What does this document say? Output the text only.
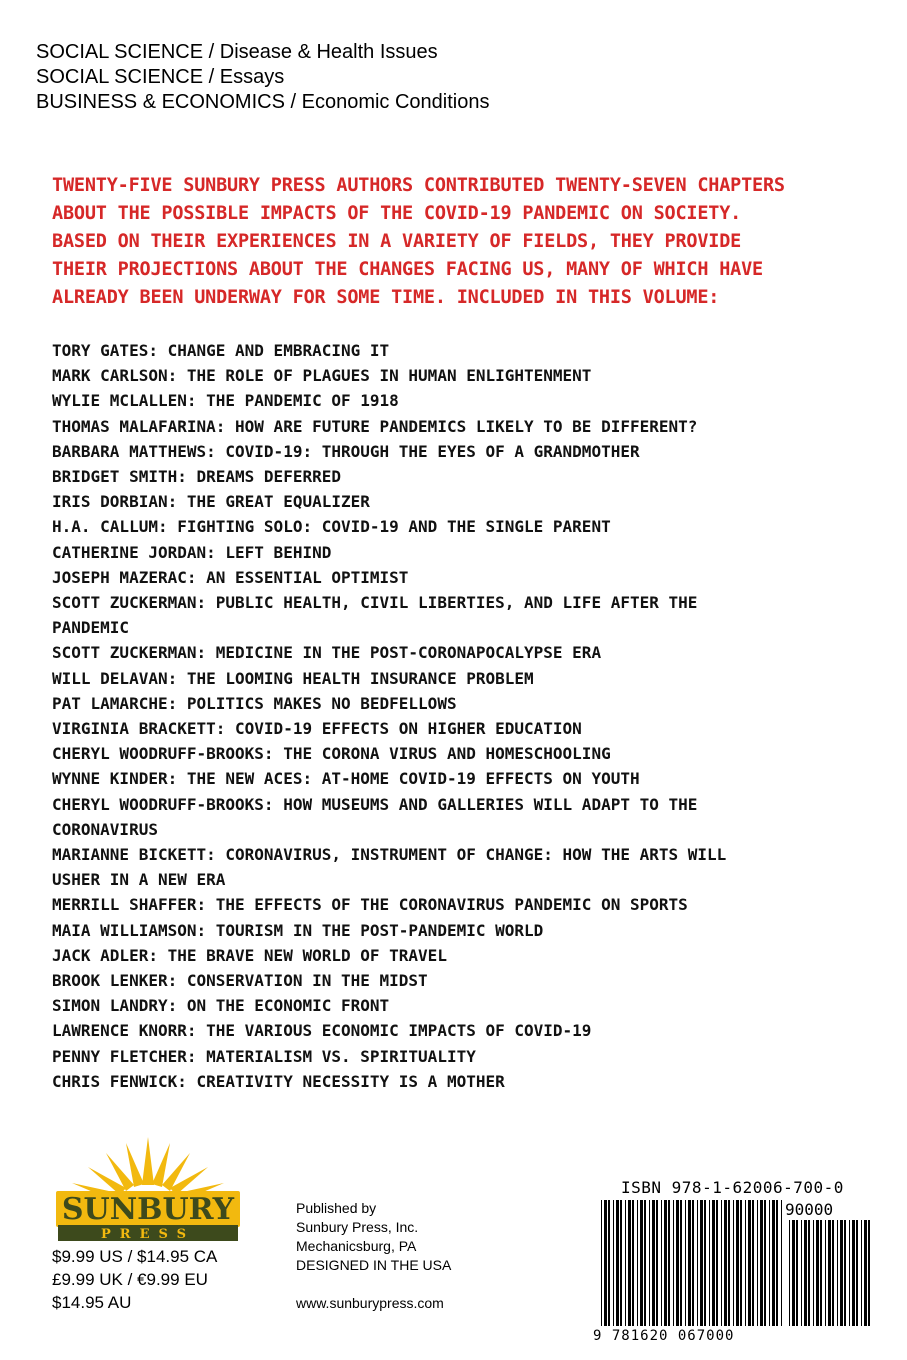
SOCIAL SCIENCE / Disease & Health Issues
SOCIAL SCIENCE / Essays
BUSINESS & ECONOMICS / Economic Conditions
TWENTY-FIVE SUNBURY PRESS AUTHORS CONTRIBUTED TWENTY-SEVEN CHAPTERS
ABOUT THE POSSIBLE IMPACTS OF THE COVID-19 PANDEMIC ON SOCIETY.
BASED ON THEIR EXPERIENCES IN A VARIETY OF FIELDS, THEY PROVIDE
THEIR PROJECTIONS ABOUT THE CHANGES FACING US, MANY OF WHICH HAVE
ALREADY BEEN UNDERWAY FOR SOME TIME. INCLUDED IN THIS VOLUME:
TORY GATES: CHANGE AND EMBRACING IT
MARK CARLSON: THE ROLE OF PLAGUES IN HUMAN ENLIGHTENMENT
WYLIE MCLALLEN: THE PANDEMIC OF 1918
THOMAS MALAFARINA: HOW ARE FUTURE PANDEMICS LIKELY TO BE DIFFERENT?
BARBARA MATTHEWS: COVID-19: THROUGH THE EYES OF A GRANDMOTHER
BRIDGET SMITH: DREAMS DEFERRED
IRIS DORBIAN: THE GREAT EQUALIZER
H.A. CALLUM: FIGHTING SOLO: COVID-19 AND THE SINGLE PARENT
CATHERINE JORDAN: LEFT BEHIND
JOSEPH MAZERAC: AN ESSENTIAL OPTIMIST
SCOTT ZUCKERMAN: PUBLIC HEALTH, CIVIL LIBERTIES, AND LIFE AFTER THE
PANDEMIC
SCOTT ZUCKERMAN: MEDICINE IN THE POST-CORONAPOCALYPSE ERA
WILL DELAVAN: THE LOOMING HEALTH INSURANCE PROBLEM
PAT LAMARCHE: POLITICS MAKES NO BEDFELLOWS
VIRGINIA BRACKETT: COVID-19 EFFECTS ON HIGHER EDUCATION
CHERYL WOODRUFF-BROOKS: THE CORONA VIRUS AND HOMESCHOOLING
WYNNE KINDER: THE NEW ACES: AT-HOME COVID-19 EFFECTS ON YOUTH
CHERYL WOODRUFF-BROOKS: HOW MUSEUMS AND GALLERIES WILL ADAPT TO THE
CORONAVIRUS
MARIANNE BICKETT: CORONAVIRUS, INSTRUMENT OF CHANGE: HOW THE ARTS WILL
USHER IN A NEW ERA
MERRILL SHAFFER: THE EFFECTS OF THE CORONAVIRUS PANDEMIC ON SPORTS
MAIA WILLIAMSON: TOURISM IN THE POST-PANDEMIC WORLD
JACK ADLER: THE BRAVE NEW WORLD OF TRAVEL
BROOK LENKER: CONSERVATION IN THE MIDST
SIMON LANDRY: ON THE ECONOMIC FRONT
LAWRENCE KNORR: THE VARIOUS ECONOMIC IMPACTS OF COVID-19
PENNY FLETCHER: MATERIALISM VS. SPIRITUALITY
CHRIS FENWICK: CREATIVITY NECESSITY IS A MOTHER
SUNBURY
PRESS
$9.99 US / $14.95 CA
£9.99 UK / €9.99 EU
$14.95 AU
Published by
Sunbury Press, Inc.
Mechanicsburg, PA
DESIGNED IN THE USA
www.sunburypress.com
ISBN 978-1-62006-700-0
90000
9 781620 067000
